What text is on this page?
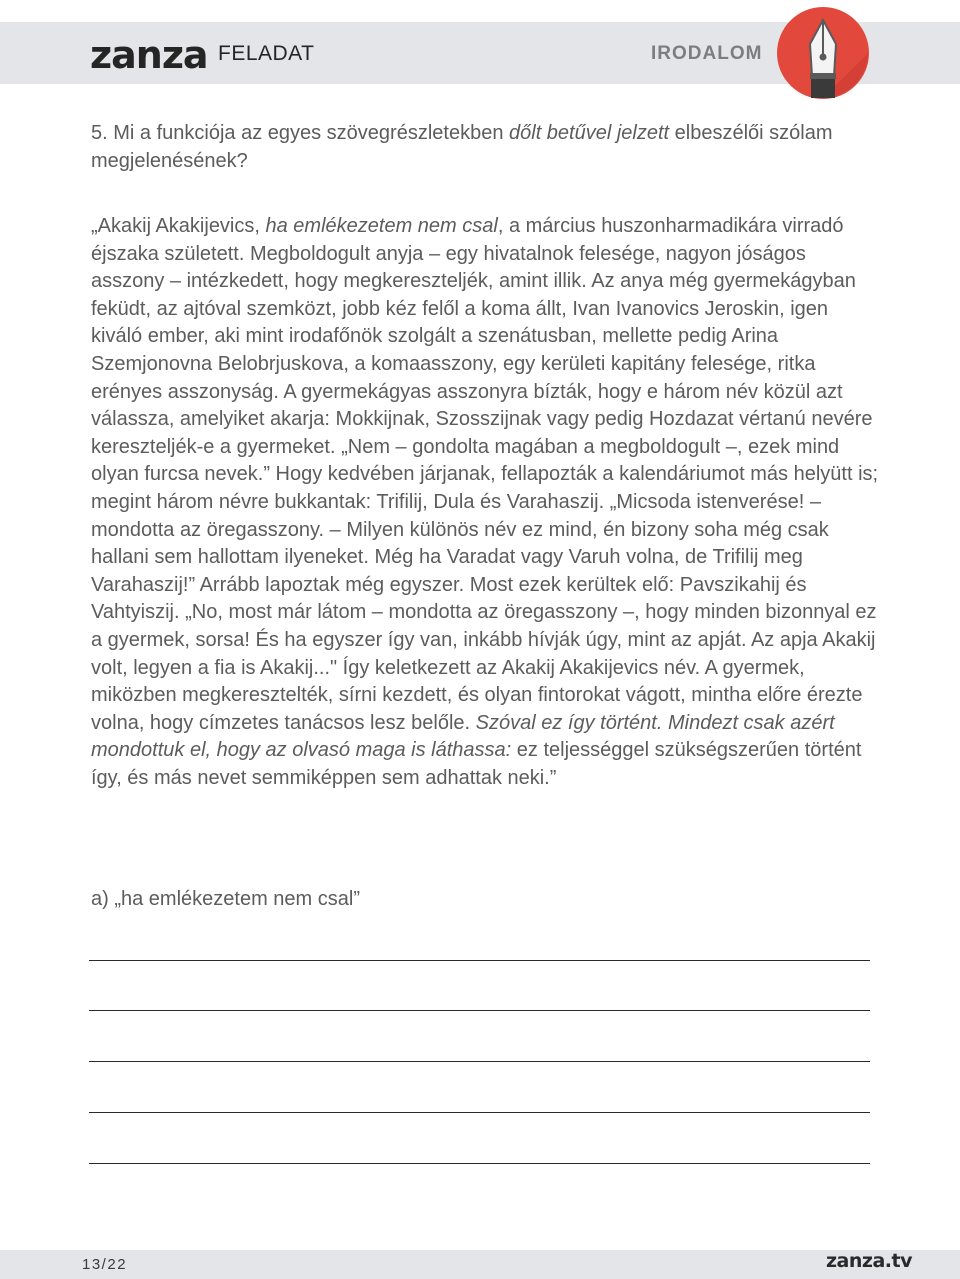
zanza FELADAT	IRODALOM

5. Mi a funkciója az egyes szövegrészletekben dőlt betűvel jelzett elbeszélői szólam megjelenésének?

„Akakij Akakijevics, ha emlékezetem nem csal, a március huszonharmadikára virradó éjszaka született. Megboldogult anyja – egy hivatalnok felesége, nagyon jóságos asszony – intézkedett, hogy megkereszteljék, amint illik. Az anya még gyermekágyban feküdt, az ajtóval szemközt, jobb kéz felől a koma állt, Ivan Ivanovics Jeroskin, igen kiváló ember, aki mint irodafőnök szolgált a szenátusban, mellette pedig Arina Szemjonovna Belobrjuskova, a komaasszony, egy kerületi kapitány felesége, ritka erényes asszonyság. A gyermekágyas asszonyra bízták, hogy e három név közül azt válassza, amelyiket akarja: Mokkijnak, Szosszijnak vagy pedig Hozdazat vértanú nevére kereszteljék-e a gyermeket. „Nem – gondolta magában a megboldogult –, ezek mind olyan furcsa nevek.” Hogy kedvében járjanak, fellapozták a kalendáriumot más helyütt is; megint három névre bukkantak: Trifilij, Dula és Varahaszij. „Micsoda istenverése! – mondotta az öregasszony. – Milyen különös név ez mind, én bizony soha még csak hallani sem hallottam ilyeneket. Még ha Varadat vagy Varuh volna, de Trifilij meg Varahaszij!” Arrább lapoztak még egyszer. Most ezek kerültek elő: Pavszikahij és Vahtyiszij. „No, most már látom – mondotta az öregasszony –, hogy minden bizonnyal ez a gyermek, sorsa! És ha egyszer így van, inkább hívják úgy, mint az apját. Az apja Akakij volt, legyen a fia is Akakij..." Így keletkezett az Akakij Akakijevics név. A gyermek, miközben megkeresztelték, sírni kezdett, és olyan fintorokat vágott, mintha előre érezte volna, hogy címzetes tanácsos lesz belőle. Szóval ez így történt. Mindezt csak azért mondottuk el, hogy az olvasó maga is láthassa: ez teljességgel szükségszerűen történt így, és más nevet semmiképpen sem adhattak neki.”

a) „ha emlékezetem nem csal”

13/22	zanza.tv
